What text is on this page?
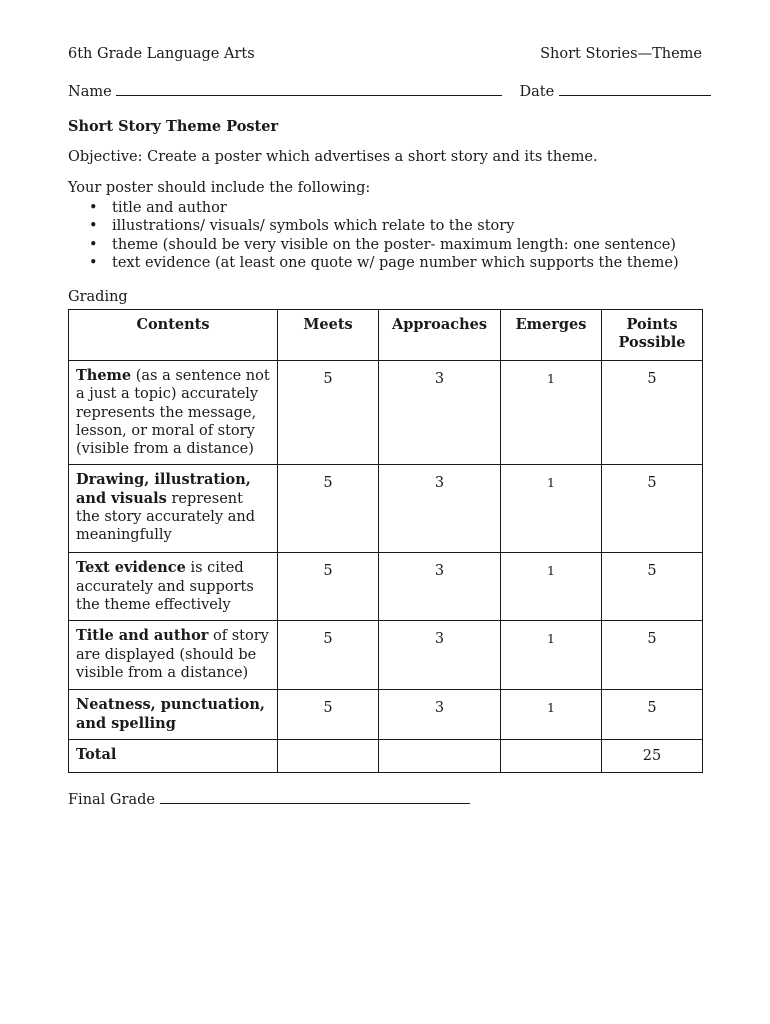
6th Grade Language Arts	Short Stories—Theme
Name	Date
Short Story Theme Poster
Objective: Create a poster which advertises a short story and its theme.
Your poster should include the following:
• title and author
• illustrations/ visuals/ symbols which relate to the story
• theme (should be very visible on the poster- maximum length: one sentence)
• text evidence (at least one quote w/ page number which supports the theme)
Grading
Contents	Meets	Approaches	Emerges	Points Possible
Theme (as a sentence not a just a topic) accurately represents the message, lesson, or moral of story (visible from a distance)	5	3	1	5
Drawing, illustration, and visuals represent the story accurately and meaningfully	5	3	1	5
Text evidence is cited accurately and supports the theme effectively	5	3	1	5
Title and author of story are displayed (should be visible from a distance)	5	3	1	5
Neatness, punctuation, and spelling	5	3	1	5
Total				25
Final Grade
